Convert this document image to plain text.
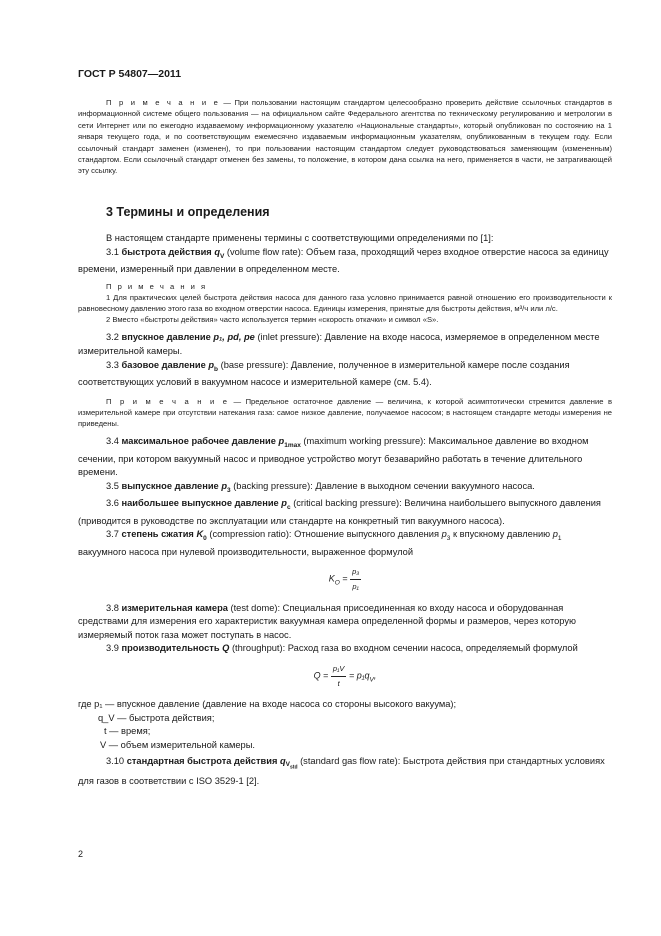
ГОСТ Р 54807—2011

П р и м е ч а н и е — При пользовании настоящим стандартом целесообразно проверить действие ссылочных стандартов в информационной системе общего пользования — на официальном сайте Федерального агентства по техническому регулированию и метрологии в сети Интернет или по ежегодно издаваемому информационному указателю «Национальные стандарты», который опубликован по состоянию на 1 января текущего года, и по соответствующим ежемесячно издаваемым информационным указателям, опубликованным в текущем году. Если ссылочный стандарт заменен (изменен), то при пользовании настоящим стандартом следует руководствоваться заменяющим (измененным) стандартом. Если ссылочный стандарт отменен без замены, то положение, в котором дана ссылка на него, применяется в части, не затрагивающей эту ссылку.

3 Термины и определения

В настоящем стандарте применены термины с соответствующими определениями по [1]:

3.1 быстрота действия $q_V$ (volume flow rate): Объем газа, проходящий через входное отверстие насоса за единицу времени, измеренный при давлении в определенном месте.

П р и м е ч а н и я

1 Для практических целей быстрота действия насоса для данного газа условно принимается равной отношению его производительности к равновесному давлению этого газа во входном отверстии насоса. Единицы измерения, принятые для быстроты действия, м³/ч или л/с.

2 Вместо «быстроты действия» часто используется термин «скорость откачки» и символ «S».

3.2 впускное давление p₁, pd, pe (inlet pressure): Давление на входе насоса, измеряемое в определенном месте измерительной камеры.

3.3 базовое давление $p_b$ (base pressure): Давление, полученное в измерительной камере после создания соответствующих условий в вакуумном насосе и измерительной камере (см. 5.4).

П р и м е ч а н и е — Предельное остаточное давление — величина, к которой асимптотически стремится давление в измерительной камере при отсутствии натекания газа: самое низкое давление, получаемое насосом; в настоящем стандарте методы измерения не приведены.

3.4 максимальное рабочее давление $p_{1max}$ (maximum working pressure): Максимальное давление во входном сечении, при котором вакуумный насос и приводное устройство могут безаварийно работать в течение длительного времени.

3.5 выпускное давление $p_3$ (backing pressure): Давление в выходном сечении вакуумного насоса.

3.6 наибольшее выпускное давление $p_c$ (critical backing pressure): Величина наибольшего выпускного давления (приводится в руководстве по эксплуатации или стандарте на конкретный тип вакуумного насоса).

3.7 степень сжатия $K_0$ (compression ratio): Отношение выпускного давления $p_3$ к впускному давлению $p_1$ вакуумного насоса при нулевой производительности, выраженное формулой

$K_O = \frac{\text{p₃}}{\text{p₁}}$

3.8 измерительная камера (test dome): Специальная присоединенная ко входу насоса и оборудованная средствами для измерения его характеристик вакуумная камера определенной формы и размеров, через которую измеряемый поток газа может поступать в насос.

3.9 производительность Q (throughput): Расход газа во входном сечении насоса, определяемый формулой

$Q = \frac{\text{p₁V}}{t} = p_1q_V$,

где p₁ — впускное давление (давление на входе насоса со стороны высокого вакуума);

q_V — быстрота действия;

t — время;

V — объем измерительной камеры.

3.10 стандартная быстрота действия $q_{V_{std}}$ (standard gas flow rate): Быстрота действия при стандартных условиях для газов в соответствии с ISO 3529-1 [2].

2
